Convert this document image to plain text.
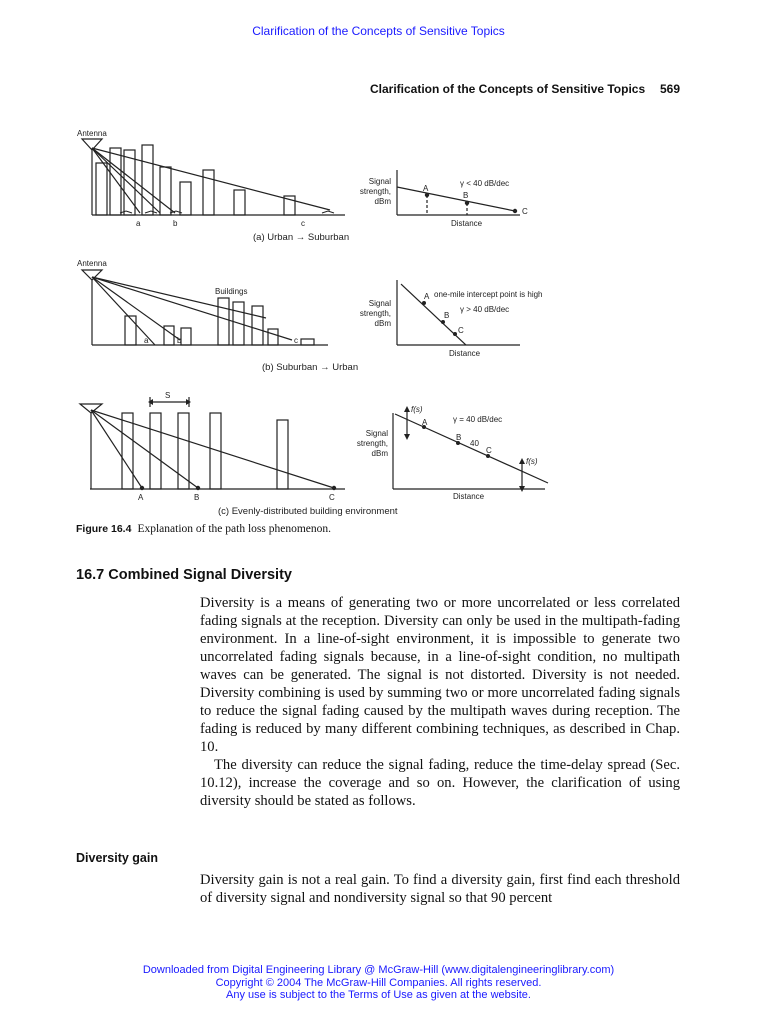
Clarification of the Concepts of Sensitive Topics
Clarification of the Concepts of Sensitive Topics 569
Antenna
a	b	c
Signal
strength,
dBm
γ < 40 dB/dec
A
B
C
Distance
(a) Urban → Suburban
Antenna
Buildings
a	b	c
Signal
strength,
dBm
one-mile intercept point is high
γ > 40 dB/dec
A
B
C
Distance
(b) Suburban → Urban
S
A	B	C
Signal
strength,
dBm
f(s)
f(s)
γ = 40 dB/dec
A
B
40
C
Distance
(c) Evenly-distributed building environment
Figure 16.4 Explanation of the path loss phenomenon.
16.7 Combined Signal Diversity

Diversity is a means of generating two or more uncorrelated or less correlated fading signals at the reception. Diversity can only be used in the multipath-fading environment. In a line-of-sight environment, it is impossible to generate two uncorrelated fading signals because, in a line-of-sight condition, no multipath waves can be generated. The signal is not distorted. Diversity is not needed. Diversity combining is used by summing two or more uncorrelated fading signals to reduce the signal fading caused by the multipath waves during reception. The fading is reduced by many different combining techniques, as described in Chap. 10.

The diversity can reduce the signal fading, reduce the time-delay spread (Sec. 10.12), increase the coverage and so on. However, the clarification of using diversity should be stated as follows.

Diversity gain

Diversity gain is not a real gain. To find a diversity gain, first find each threshold of diversity signal and nondiversity signal so that 90 percent

Downloaded from Digital Engineering Library @ McGraw-Hill (www.digitalengineeringlibrary.com)
Copyright © 2004 The McGraw-Hill Companies. All rights reserved.
Any use is subject to the Terms of Use as given at the website.
